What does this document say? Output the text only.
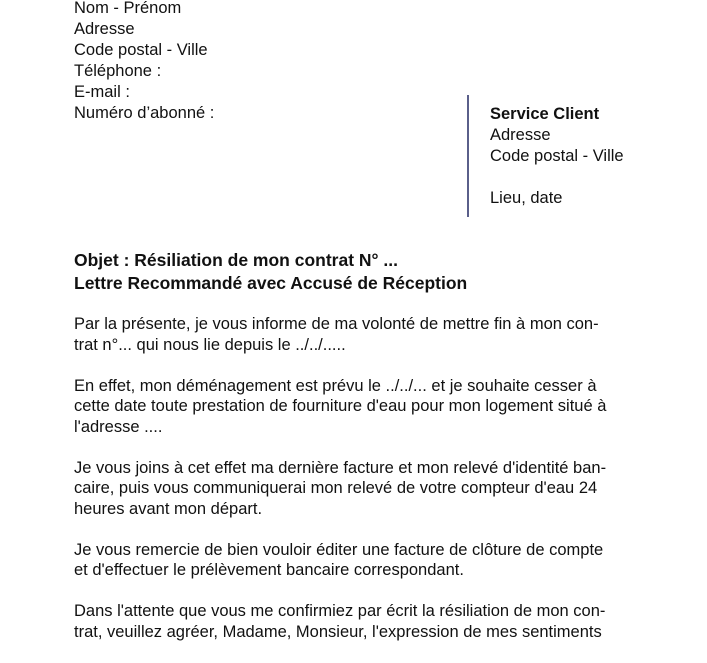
Nom - Prénom
Adresse
Code postal - Ville
Téléphone :
E-mail :
Numéro d’abonné :	Service Client
Adresse
Code postal - Ville
Lieu, date
Objet : Résiliation de mon contrat N° ...
Lettre Recommandé avec Accusé de Réception
Par la présente, je vous informe de ma volonté de mettre fin à mon con-
trat n°... qui nous lie depuis le ../../.....
En effet, mon déménagement est prévu le ../../... et je souhaite cesser à
cette date toute prestation de fourniture d'eau pour mon logement situé à
l'adresse ....
Je vous joins à cet effet ma dernière facture et mon relevé d'identité ban-
caire, puis vous communiquerai mon relevé de votre compteur d'eau 24
heures avant mon départ.
Je vous remercie de bien vouloir éditer une facture de clôture de compte
et d'effectuer le prélèvement bancaire correspondant.
Dans l'attente que vous me confirmiez par écrit la résiliation de mon con-
trat, veuillez agréer, Madame, Monsieur, l'expression de mes sentiments
